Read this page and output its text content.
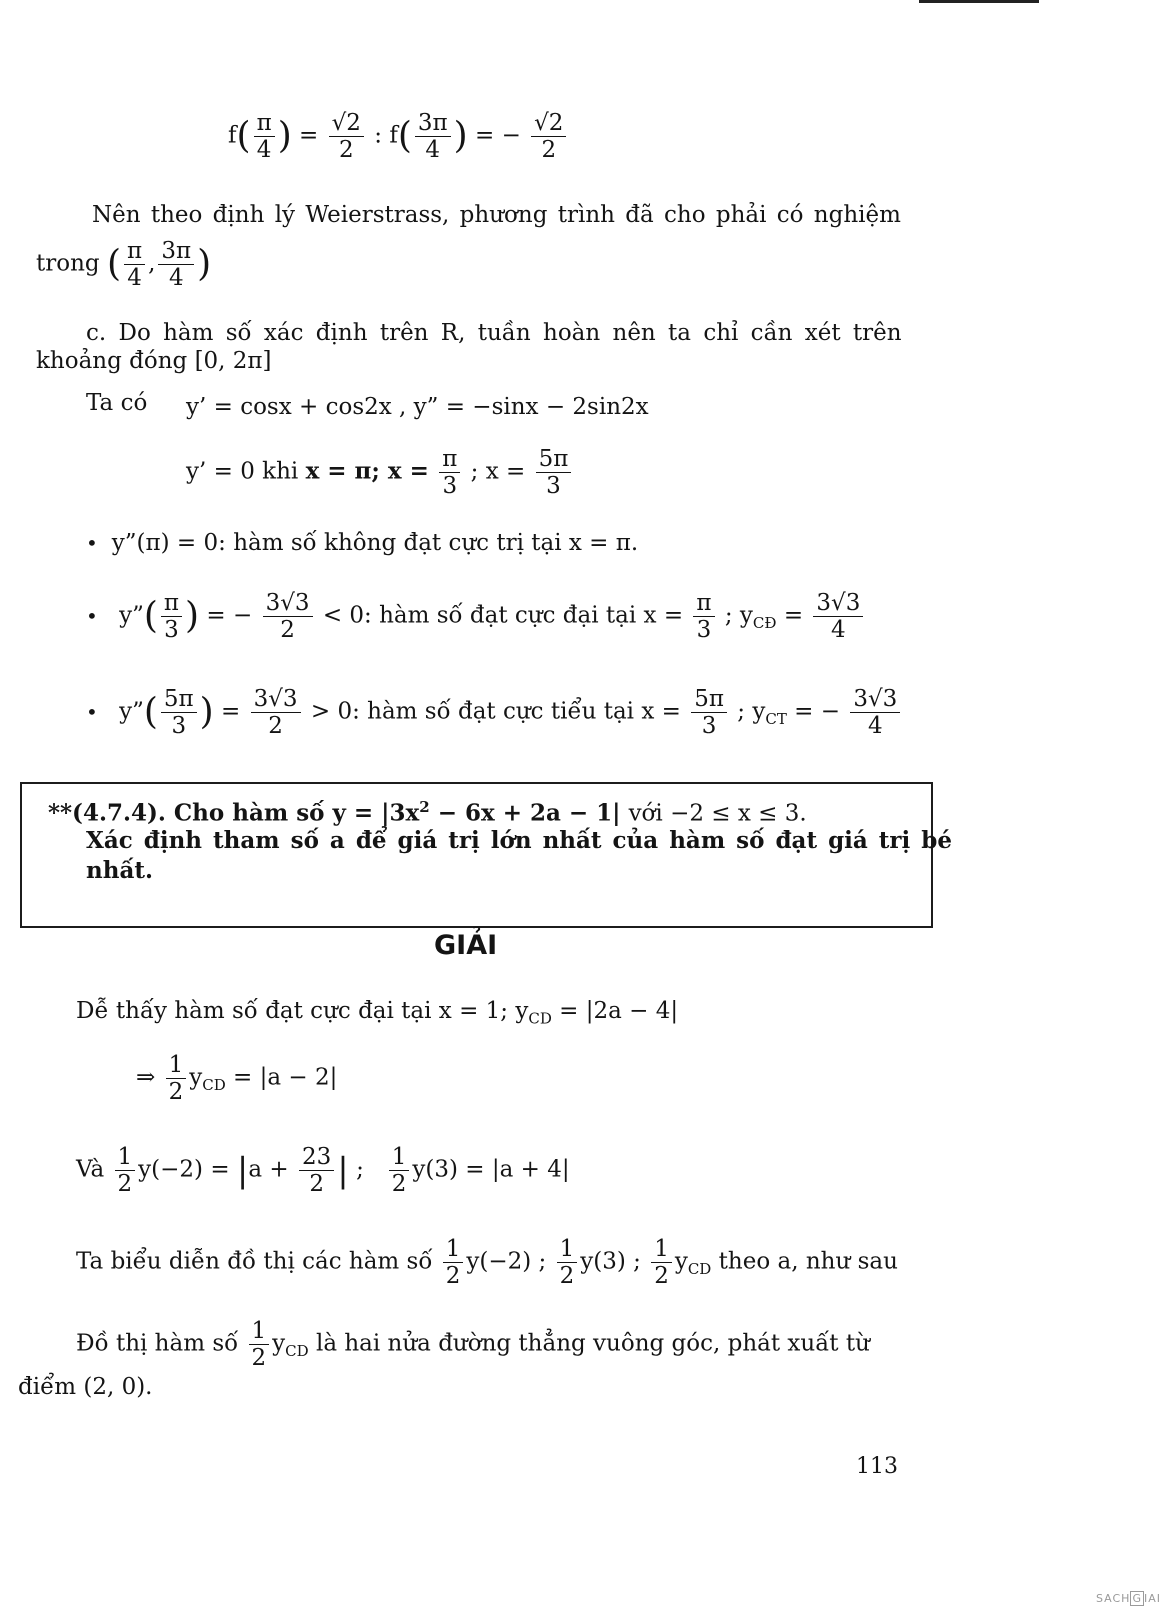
$f( \frac{\pi}{4}$ ) = $\frac{√2}{2}$ : $f( \frac{3\pi}{4}$ ) = − $\frac{√2}{2}$
Nên theo định lý Weierstrass, phương trình đã cho phải có nghiệm
trong ( $\frac{\pi}{4}$ , $\frac{3\pi}{4}$ )
c. Do hàm số xác định trên R, tuần hoàn nên ta chỉ cần xét trên
khoảng đóng [0, 2π]
Ta có y’ = cosx + cos2x , y” = −sinx − 2sin2x
y’ = 0 khi x = π; $x = \frac{\pi}{3}$ ; $x = \frac{5\pi}{3}$
• y”(π) = 0: hàm số không đạt cực trị tại x = π.
• y”( $\frac{\pi}{3}$ ) = − $\frac{3√3}{2} < 0$: hàm số đạt cực đại tại $x = \frac{\pi}{3}$ ; $y_{CĐ} = \frac{3√3}{4}$
• y”( $\frac{5\pi}{3}$ ) = $\frac{3√3}{2} > 0$: hàm số đạt cực tiểu tại $x = \frac{5\pi}{3}$ ; $y_{CT}$ = − $\frac{3√3}{4}$
**(4.7.4). Cho hàm số $y = |3x^2 - 6x + 2a - 1|$ với −2 ≤ x ≤ 3.
Xác định tham số a để giá trị lớn nhất của hàm số đạt giá trị bé
nhất.
GIẢI
Dễ thấy hàm số đạt cực đại tại x = 1; $y_{CD} = |2a - 4|$
⇒ $\frac{1}{2} y_{CD} = |a - 2|$
Và $\frac{1}{2} y(-2) = |a + \frac{23}{2}$ | ; $\frac{1}{2} y(3) = |a + 4|$
Ta biểu diễn đồ thị các hàm số $\frac{1}{2} y(-2)$ ; $\frac{1}{2} y(3)$ ; $\frac{1}{2} y_{CD}$ theo a, như sau
Đồ thị hàm số $\frac{1}{2} y_{CD}$ là hai nửa đường thẳng vuông góc, phát xuất từ
điểm (2, 0).
113
SACH G IAI
